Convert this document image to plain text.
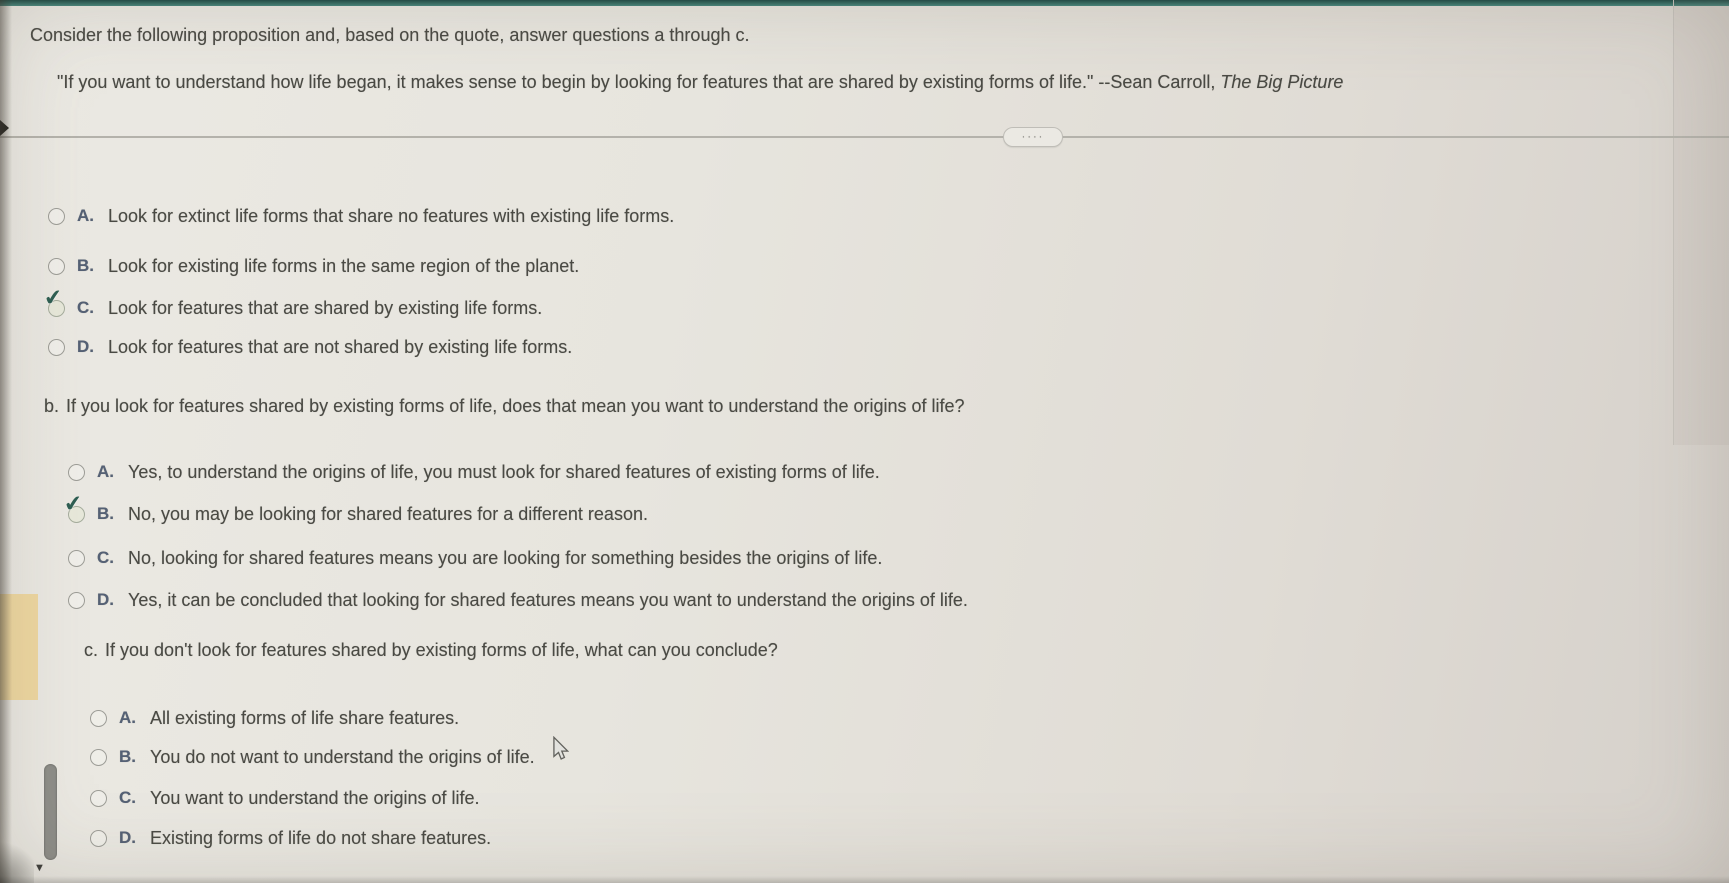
Consider the following proposition and, based on the quote, answer questions a through c.
"If you want to understand how life began, it makes sense to begin by looking for features that are shared by existing forms of life." --Sean Carroll, The Big Picture
····
A. Look for extinct life forms that share no features with existing life forms.
B. Look for existing life forms in the same region of the planet.
✔ C. Look for features that are shared by existing life forms.
D. Look for features that are not shared by existing life forms.
b. If you look for features shared by existing forms of life, does that mean you want to understand the origins of life?
A. Yes, to understand the origins of life, you must look for shared features of existing forms of life.
✔ B. No, you may be looking for shared features for a different reason.
C. No, looking for shared features means you are looking for something besides the origins of life.
D. Yes, it can be concluded that looking for shared features means you want to understand the origins of life.
c. If you don't look for features shared by existing forms of life, what can you conclude?
A. All existing forms of life share features.
B. You do not want to understand the origins of life.
C. You want to understand the origins of life.
D. Existing forms of life do not share features.
▼
